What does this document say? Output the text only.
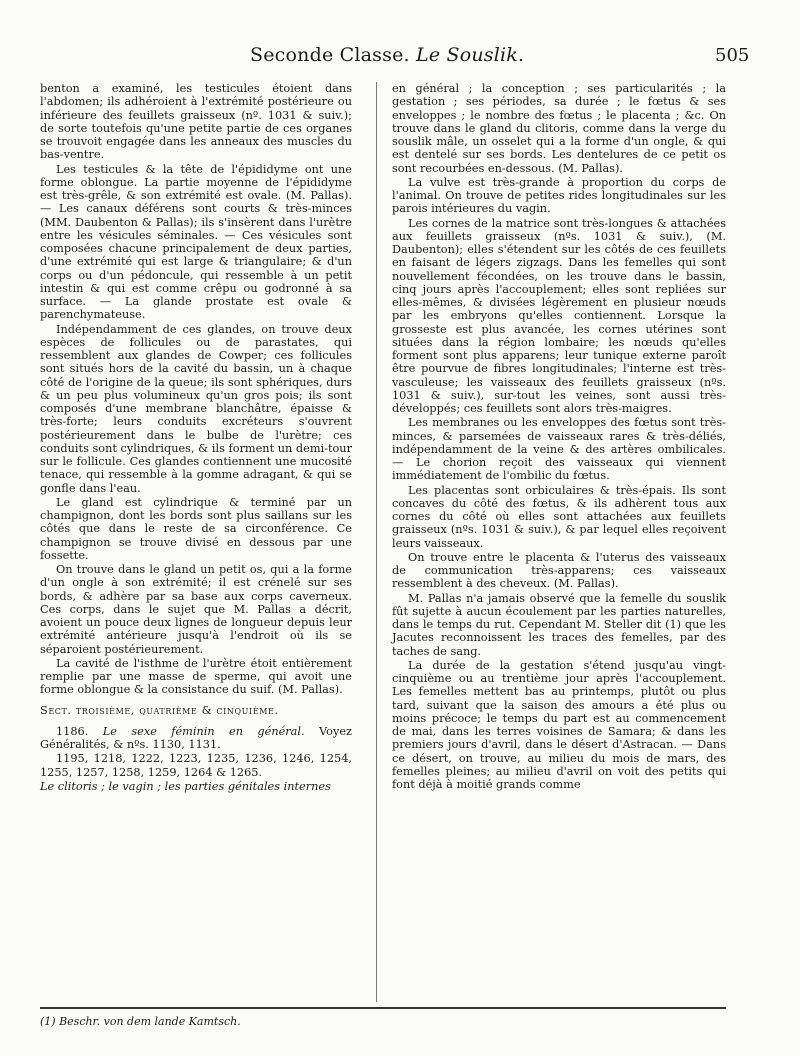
Seconde Classe. Le Souslik.	505

benton a examiné, les testicules étoient dans l'abdomen; ils adhéroient à l'extrémité postérieure ou inférieure des feuillets graisseux (nº. 1031 & suiv.); de sorte toutefois qu'une petite partie de ces organes se trouvoit engagée dans les anneaux des muscles du bas-ventre.

Les testicules & la tête de l'épididyme ont une forme oblongue. La partie moyenne de l'épididyme est très-grêle, & son extrémité est ovale. (M. Pallas). — Les canaux déférens sont courts & très-minces (MM. Daubenton & Pallas); ils s'insèrent dans l'urètre entre les vésicules séminales. — Ces vésicules sont composées chacune principalement de deux parties, d'une extrémité qui est large & triangulaire; & d'un corps ou d'un pédoncule, qui ressemble à un petit intestin & qui est comme crêpu ou godronné à sa surface. — La glande prostate est ovale & parenchymateuse.

Indépendamment de ces glandes, on trouve deux espèces de follicules ou de parastates, qui ressemblent aux glandes de Cowper; ces follicules sont situés hors de la cavité du bassin, un à chaque côté de l'origine de la queue; ils sont sphériques, durs & un peu plus volumineux qu'un gros pois; ils sont composés d'une membrane blanchâtre, épaisse & très-forte; leurs conduits excréteurs s'ouvrent postérieurement dans le bulbe de l'urètre; ces conduits sont cylindriques, & ils forment un demi-tour sur le follicule. Ces glandes contiennent une mucosité tenace, qui ressemble à la gomme adragant, & qui se gonfle dans l'eau.

Le gland est cylindrique & terminé par un champignon, dont les bords sont plus saillans sur les côtés que dans le reste de sa circonférence. Ce champignon se trouve divisé en dessous par une fossette.

On trouve dans le gland un petit os, qui a la forme d'un ongle à son extrémité; il est crénelé sur ses bords, & adhère par sa base aux corps caverneux. Ces corps, dans le sujet que M. Pallas a décrit, avoient un pouce deux lignes de longueur depuis leur extrémité antérieure jusqu'à l'endroit où ils se séparoient postérieurement.

La cavité de l'isthme de l'urètre étoit entièrement remplie par une masse de sperme, qui avoit une forme oblongue & la consistance du suif. (M. Pallas).

Sect. troisième, quatrième & cinquième.

1186. Le sexe féminin en général. Voyez Généralités, & nºs. 1130, 1131.

1195, 1218, 1222, 1223, 1235, 1236, 1246, 1254, 1255, 1257, 1258, 1259, 1264 & 1265.

Le clitoris ; le vagin ; les parties génitales internes

en général ; la conception ; ses particularités ; la gestation ; ses périodes, sa durée ; le fœtus & ses enveloppes ; le nombre des fœtus ; le placenta ; &c. On trouve dans le gland du clitoris, comme dans la verge du souslik mâle, un osselet qui a la forme d'un ongle, & qui est dentelé sur ses bords. Les dentelures de ce petit os sont recourbées en-dessous. (M. Pallas).

La vulve est très-grande à proportion du corps de l'animal. On trouve de petites rides longitudinales sur les parois intérieures du vagin.

Les cornes de la matrice sont très-longues & attachées aux feuillets graisseux (nºs. 1031 & suiv.), (M. Daubenton); elles s'étendent sur les côtés de ces feuillets en faisant de légers zigzags. Dans les femelles qui sont nouvellement fécondées, on les trouve dans le bassin, cinq jours après l'accouplement; elles sont repliées sur elles-mêmes, & divisées légèrement en plusieur nœuds par les embryons qu'elles contiennent. Lorsque la grosseste est plus avancée, les cornes utérines sont situées dans la région lombaire; les nœuds qu'elles forment sont plus apparens; leur tunique externe paroît être pourvue de fibres longitudinales; l'interne est très-vasculeuse; les vaisseaux des feuillets graisseux (nºs. 1031 & suiv.), sur-tout les veines, sont aussi très-développés; ces feuillets sont alors très-maigres.

Les membranes ou les enveloppes des fœtus sont très-minces, & parsemées de vaisseaux rares & très-déliés, indépendamment de la veine & des artères ombilicales. — Le chorion reçoit des vaisseaux qui viennent immédiatement de l'ombilic du fœtus.

Les placentas sont orbiculaires & très-épais. Ils sont concaves du côté des fœtus, & ils adhèrent tous aux cornes du côté où elles sont attachées aux feuillets graisseux (nºs. 1031 & suiv.), & par lequel elles reçoivent leurs vaisseaux.

On trouve entre le placenta & l'uterus des vaisseaux de communication très-apparens; ces vaisseaux ressemblent à des cheveux. (M. Pallas).

M. Pallas n'a jamais observé que la femelle du souslik fût sujette à aucun écoulement par les parties naturelles, dans le temps du rut. Cependant M. Steller dit (1) que les Jacutes reconnoissent les traces des femelles, par des taches de sang.

La durée de la gestation s'étend jusqu'au vingt-cinquième ou au trentième jour après l'accouplement. Les femelles mettent bas au printemps, plutôt ou plus tard, suivant que la saison des amours a été plus ou moins précoce; le temps du part est au commencement de mai, dans les terres voisines de Samara; & dans les premiers jours d'avril, dans le désert d'Astracan. — Dans ce désert, on trouve, au milieu du mois de mars, des femelles pleines; au milieu d'avril on voit des petits qui font déjà à moitié grands comme

(1) Beschr. von dem lande Kamtsch.
